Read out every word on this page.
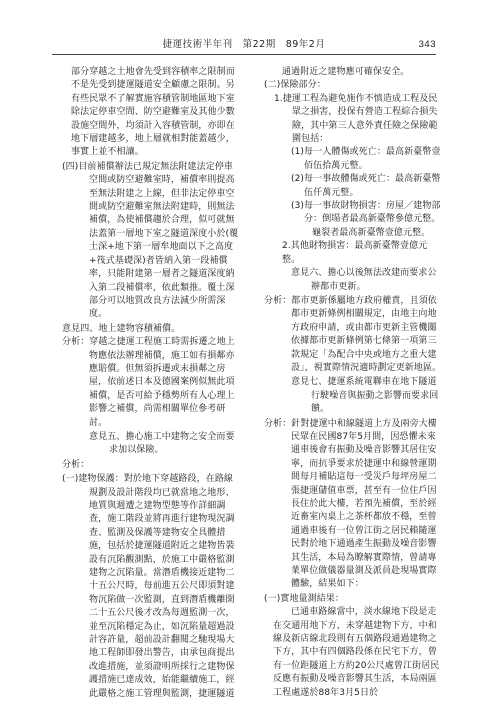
捷運技術半年刊　第22期　89年2月	343

部分穿越之土地會先受到容積率之限制而不是先受到捷運隧道安全顧慮之限制。另有些民眾不了解實施容積管制地區地下室除法定停車空間、防空避難室及其他少數設施空間外，均須計入容積管制，亦即在地下層建越多，地上層就相對能蓋越少，事實上並不相讓。

(四)目前補償辦法已規定無法附建法定停車空間或防空避難室時，補償率則提高至無法附建之上線，但非法定停車空間或防空避難室無法附建時，則無法補償，為使補償趨於合理，似可就無法蓋第一層地下室之隧道深度小於(覆土深+地下第一層牟地面以下之高度+筏式基礎深)者皆納入第一段補償率，只能附建第一層者之隧道深度納入第二段補償率，依此類推。覆土深部分可以地質改良方法減少所需深度。

意見四、地上建物容積補償。

分析：穿越之捷運工程施工時需拆遷之地上物應依法辦理補償，施工如有損鄰亦應賠償。但無須拆遷或未損鄰之房屋，依前述日本及德國案例似無此項補償，是否可給予穩勢所有人心理上影響之補償，尚需相關單位參考研討。

意見五、擔心施工中建物之安全而要求加以保險。

分析：

(一)建物保護：對於地下穿越路段，在路線規劃及設計階段均已就當地之地形、地質與週遭之建物型態等作詳細調查，施工階段並將再進行建物現況調查、監測及保護等建物安全具體措施，包括於捷運隧道附近之建物皆裝設有沉陷觀測點，於施工中嚴格監測建物之沉陷量。當潛盾機接近建物二十五公尺時，每前進五公尺即須對建物沉陷做一次監測，直到潛盾機離開二十五公尺後才改為每週監測一次，並至沉陷穩定為止，如沉陷量超過設計容許量，超前設計翻閱之馳現場大地工程師即發出警告，由承包商提出改進措施，並須證明所採行之建物保護措施已達成效，始能繼續施工，經此嚴格之施工管理與監測，捷運隧道

通過附近之建物應可確保安全。

(二)保險部分：

1.捷運工程為避免施作不慎造成工程及民眾之損害，投保有營造工程綜合損失險，其中第三人意外責任險之保險範圍包括：

(1)每一人體傷或死亡：最高新臺幣壹佰伍拾萬元整。

(2)每一事故體傷或死亡：最高新臺幣伍仟萬元整。

(3)每一事故財物損害：房屋／建物部分：倒塌者最高新臺幣參億元整。

龜裂者最高新臺幣壹億元整。

2.其他財物損害：最高新臺幣壹億元整。

意見六、擔心以後無法改建而要求公辦都市更新。

分析：都市更新係屬地方政府權責，且須依都市更新條例相關規定，由地主向地方政府申請，或由都市更新主管機關依據都市更新條例第七條第一項第三款規定「為配合中央或地方之重大建設」，視實際情況適時劃定更新地區。

意見七、捷運系統電聯車在地下隧道行駛噪音與振動之影響而要求回饋。

分析：針對捷運中和線隧道上方及兩旁大樓民眾在民國87年5月間，因恐懼未來通車後會有振動及噪音影響其居住安寧，而抗爭要求於捷運中和線營運期間每月補貼這每一受災戶每坪房屋二張捷運儲值車票，甚至有一位住戶因長住於此大樓，若預先補償，至於經近畜室內桌上之茶杯都放不穩，至曾通過車後有一位曾江街之居民賴隨運民對於地下通過產生振動及噪音影響其生活，本局為瞭解實際情，曾請專業單位做儀器量測及派員赴現場實際體驗，結果如下：

(一)實地量測結果：

已通車路線當中，淡水線地下段是走在交通用地下方，未穿越建物下方，中和線及新店線北段則有五個路段通過建物之下方，其中有四個路段係在民宅下方，曾有一位距隧道上方約20公尺處曾江街居民反應有振動及噪音影響其生活，本局兩區工程處遂於88年3月5日於
